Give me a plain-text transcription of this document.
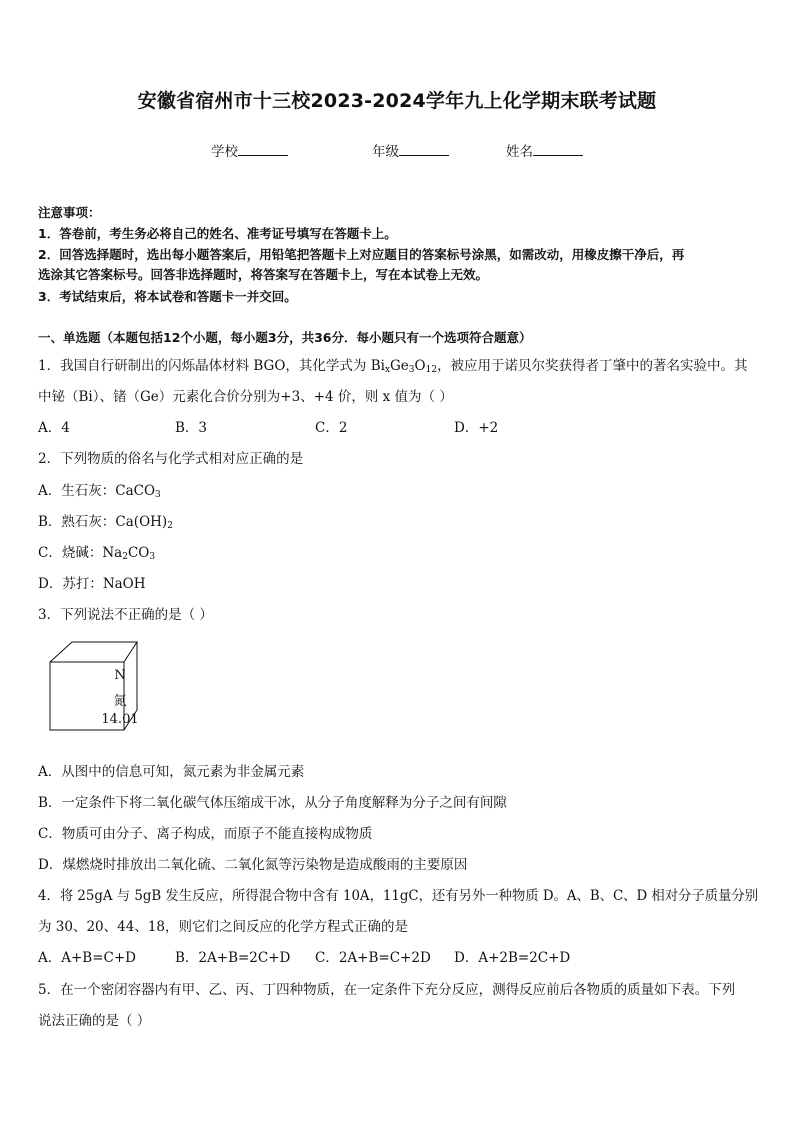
安徽省宿州市十三校2023-2024学年九上化学期末联考试题
学校	年级	姓名
注意事项：
1．答卷前，考生务必将自己的姓名、准考证号填写在答题卡上。
2．回答选择题时，选出每小题答案后，用铅笔把答题卡上对应题目的答案标号涂黑，如需改动，用橡皮擦干净后，再
选涂其它答案标号。回答非选择题时，将答案写在答题卡上，写在本试卷上无效。
3．考试结束后，将本试卷和答题卡一并交回。
一、单选题（本题包括12个小题，每小题3分，共36分．每小题只有一个选项符合题意）
1．我国自行研制出的闪烁晶体材料 BGO，其化学式为 $Bi_xGe_3O_{12}$，被应用于诺贝尔奖获得者丁肇中的著名实验中。其
中铋（Bi）、锗（Ge）元素化合价分别为+3、+4 价，则 x 值为（ ）
A．4	B．3	C．2	D．+2
2．下列物质的俗名与化学式相对应正确的是
A．生石灰：CaCO$_3$
B．熟石灰：$Ca(OH)_2$
C．烧碱：$Na_2CO_3$
D．苏打：NaOH
3．下列说法不正确的是（ ）
N
氮
14.01
A．从图中的信息可知，氮元素为非金属元素
B．一定条件下将二氧化碳气体压缩成干冰，从分子角度解释为分子之间有间隙
C．物质可由分子、离子构成，而原子不能直接构成物质
D．煤燃烧时排放出二氧化硫、二氧化氮等污染物是造成酸雨的主要原因
4．将 25gA 与 5gB 发生反应，所得混合物中含有 10A，11gC，还有另外一种物质 D。A、B、C、D 相对分子质量分别
为 30、20、44、18，则它们之间反应的化学方程式正确的是
A．A+B=C+D	B．2A+B=2C+D C．2A+B=C+2D D．A+2B=2C+D
5．在一个密闭容器内有甲、乙、丙、丁四种物质，在一定条件下充分反应，测得反应前后各物质的质量如下表。下列
说法正确的是（ ）
